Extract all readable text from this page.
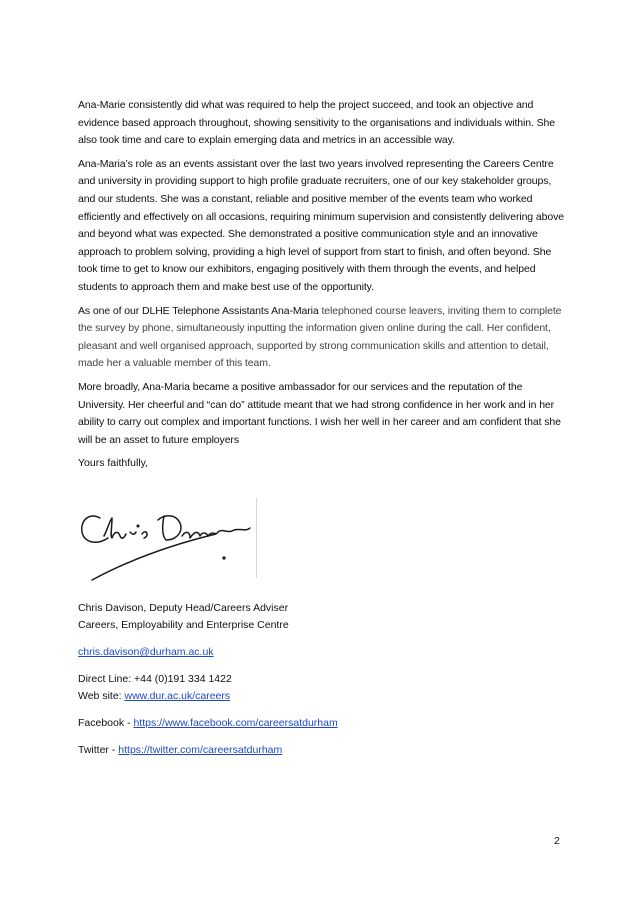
Ana-Marie consistently did what was required to help the project succeed, and took an objective and evidence based approach throughout, showing sensitivity to the organisations and individuals within. She also took time and care to explain emerging data and metrics in an accessible way.

Ana-Maria’s role as an events assistant over the last two years involved representing the Careers Centre and university in providing support to high profile graduate recruiters, one of our key stakeholder groups, and our students. She was a constant, reliable and positive member of the events team who worked efficiently and effectively on all occasions, requiring minimum supervision and consistently delivering above and beyond what was expected. She demonstrated a positive communication style and an innovative approach to problem solving, providing a high level of support from start to finish, and often beyond. She took time to get to know our exhibitors, engaging positively with them through the events, and helped students to approach them and make best use of the opportunity.

As one of our DLHE Telephone Assistants Ana-Maria telephoned course leavers, inviting them to complete the survey by phone, simultaneously inputting the information given online during the call. Her confident, pleasant and well organised approach, supported by strong communication skills and attention to detail, made her a valuable member of this team.

More broadly, Ana-Maria became a positive ambassador for our services and the reputation of the University. Her cheerful and “can do” attitude meant that we had strong confidence in her work and in her ability to carry out complex and important functions. I wish her well in her career and am confident that she will be an asset to future employers

Yours faithfully,

Chris Davison, Deputy Head/Careers Adviser
Careers, Employability and Enterprise Centre
chris.davison@durham.ac.uk
Direct Line: +44 (0)191 334 1422
Web site: www.dur.ac.uk/careers
Facebook - https://www.facebook.com/careersatdurham
Twitter - https://twitter.com/careersatdurham
2
